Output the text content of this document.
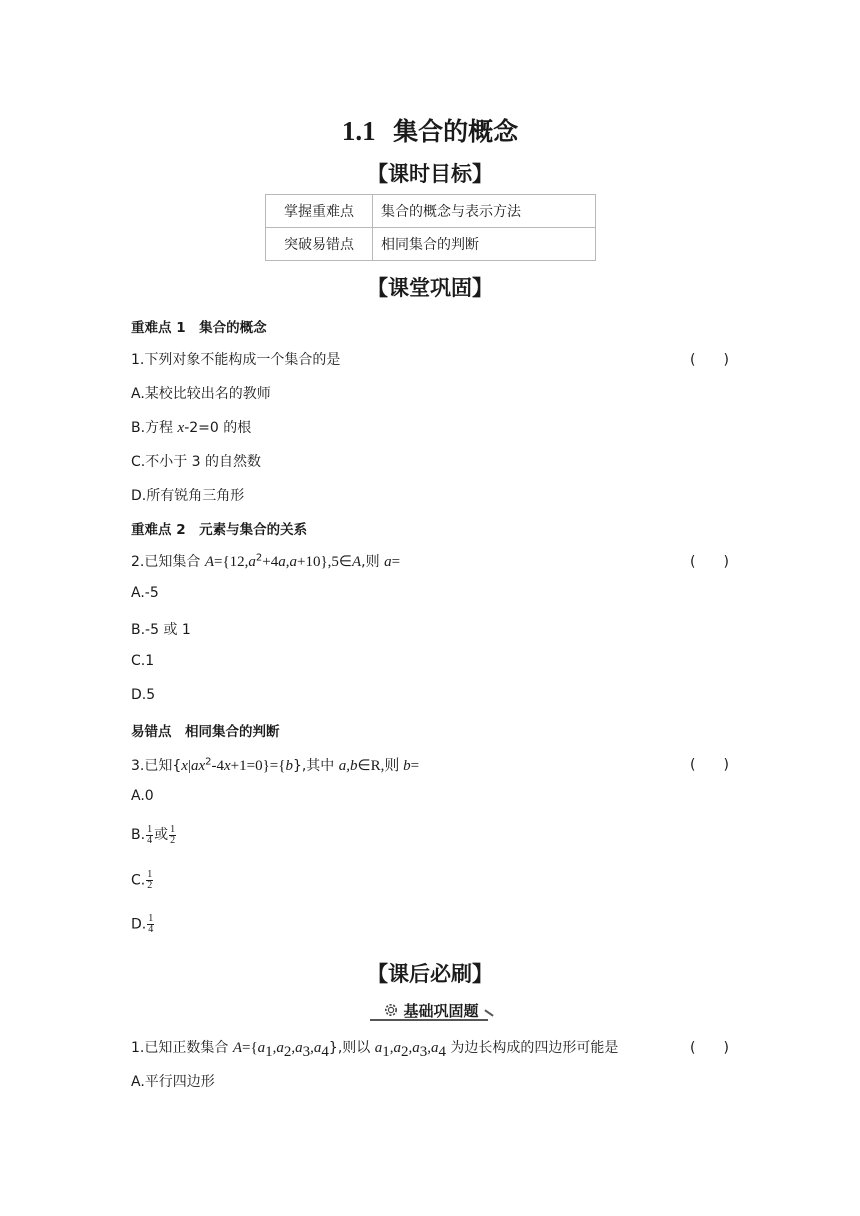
1.1 集合的概念
【课时目标】
掌握重难点	集合的概念与表示方法
突破易错点	相同集合的判断
【课堂巩固】
重难点 1　集合的概念
1.下列对象不能构成一个集合的是	(　　)
A.某校比较出名的教师
B.方程 x-2=0 的根
C.不小于 3 的自然数
D.所有锐角三角形
重难点 2　元素与集合的关系
2.已知集合 $A=\{12,a^2+4a,a+10\},5\in A$,则 a=	(　　)
A.-5
B.-5 或 1
C.1
D.5
易错点　相同集合的判断
3.已知$\{x|ax^2-4x+1=0\}=\{b\}$,其中 a,b∈R,则 b=	(　　)
A.0
B. $\frac{1}{4}$ 或 $\frac{1}{2}$
C. $\frac{1}{2}$
D. $\frac{1}{4}$
【课后必刷】
基础巩固题
1.已知正数集合 $A=\{a_1,a_2,a_3,a_4\}$,则以 $a_1,a_2,a_3,a_4$ 为边长构成的四边形可能是	(　　)
A.平行四边形
